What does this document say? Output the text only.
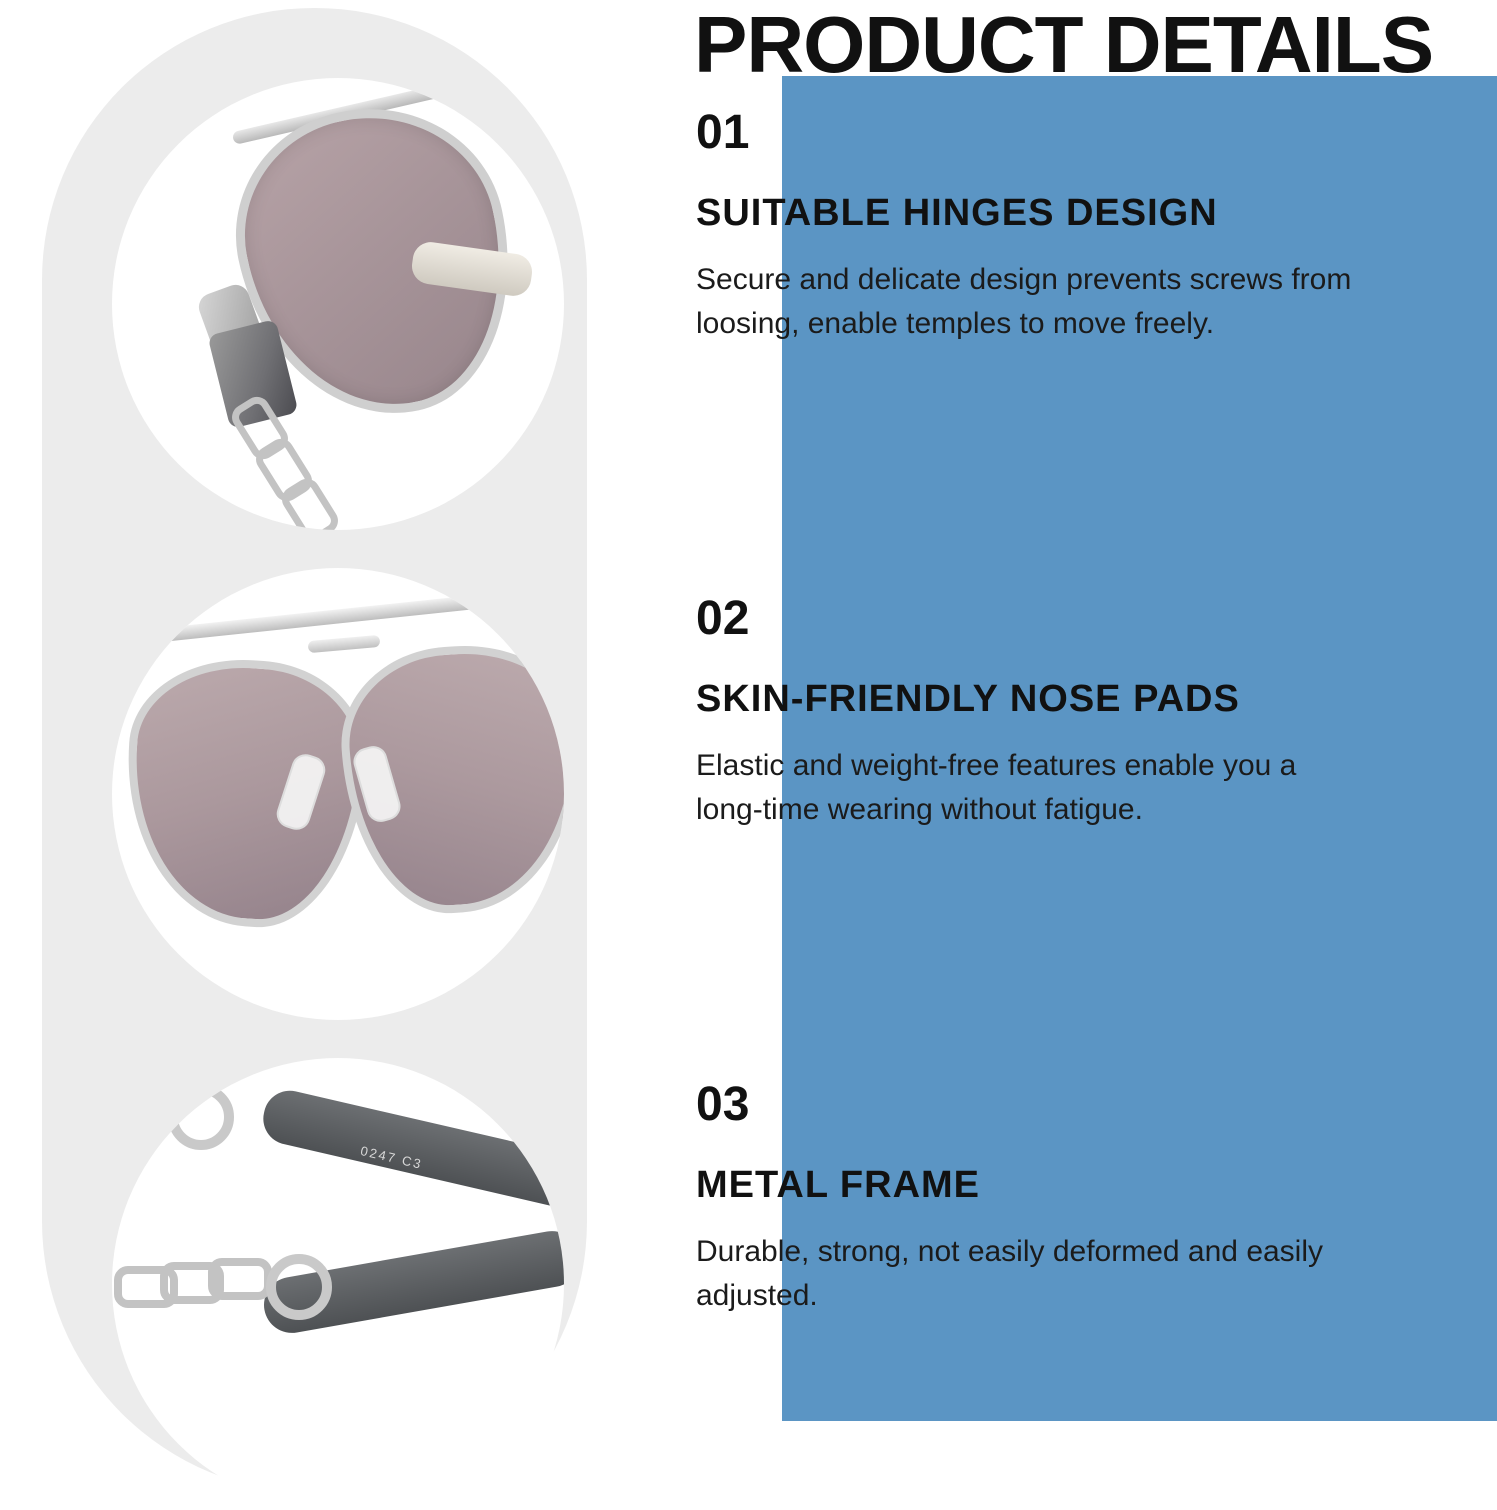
0247 C3
PRODUCT DETAILS

01

SUITABLE HINGES DESIGN

Secure and delicate design prevents screws from loosing, enable temples to move freely.

02

SKIN-FRIENDLY NOSE PADS

Elastic and weight-free features enable you a long-time wearing without fatigue.

03

METAL FRAME

Durable, strong, not easily deformed and easily adjusted.
